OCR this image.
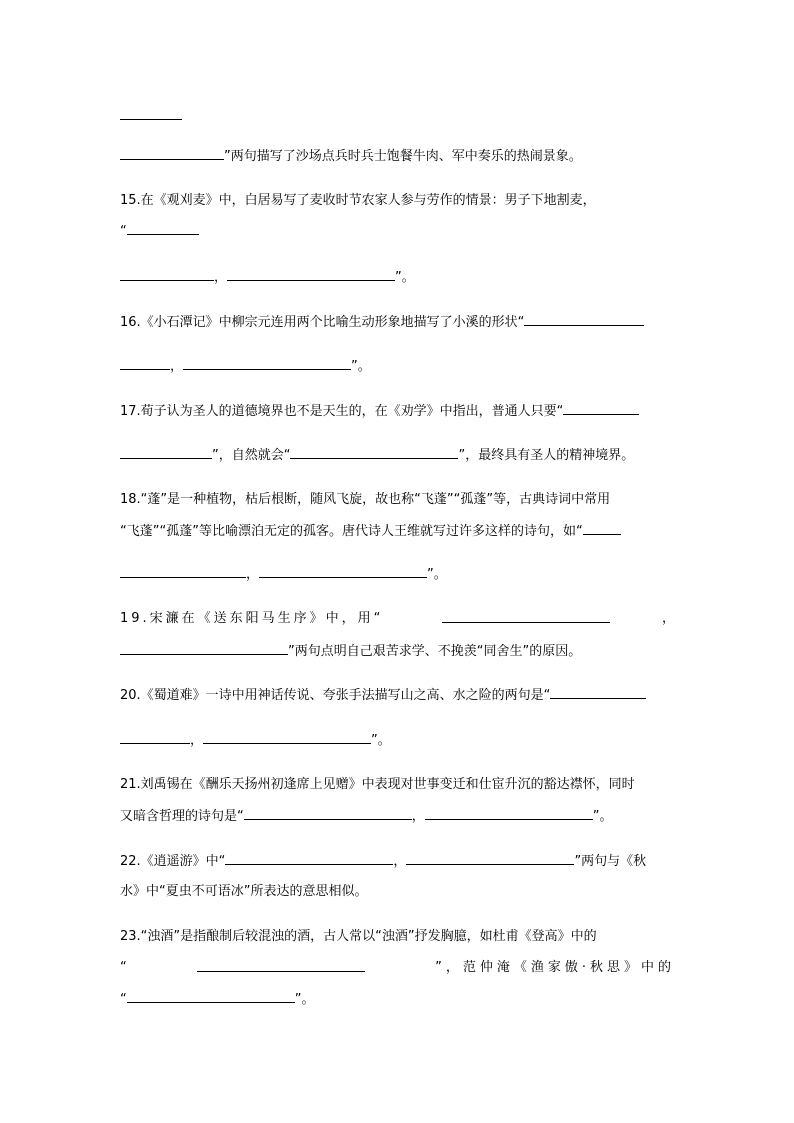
”两句描写了沙场点兵时兵士饱餐牛肉、军中奏乐的热闹景象。
15.在《观刈麦》中，白居易写了麦收时节农家人参与劳作的情景：男子下地割麦，
“
，	”。
16.《小石潭记》中柳宗元连用两个比喻生动形象地描写了小溪的形状“
，	”。
17.荀子认为圣人的道德境界也不是天生的，在《劝学》中指出，普通人只要“
”，自然就会“	”，最终具有圣人的精神境界。
18.“蓬”是一种植物，枯后根断，随风飞旋，故也称“飞蓬”“孤蓬”等，古典诗词中常用
“飞蓬”“孤蓬”等比喻漂泊无定的孤客。唐代诗人王维就写过许多这样的诗句，如“
，	”。
19.宋濂在《送东阳马生序》中，用“	，
”两句点明自己艰苦求学、不挽羡“同舍生”的原因。
20.《蜀道难》一诗中用神话传说、夸张手法描写山之高、水之险的两句是“
，	”。
21.刘禹锡在《酬乐天扬州初逢席上见赠》中表现对世事变迁和仕宦升沉的豁达襟怀，同时
又暗含哲理的诗句是“	，	”。
22.《逍遥游》中“	，	”两句与《秋
水》中“夏虫不可语冰”所表达的意思相似。
23.“浊酒”是指酿制后较混浊的酒，古人常以“浊酒”抒发胸臆，如杜甫《登高》中的
“	”，范仲淹《渔家傲·秋思》中的
“	”。
